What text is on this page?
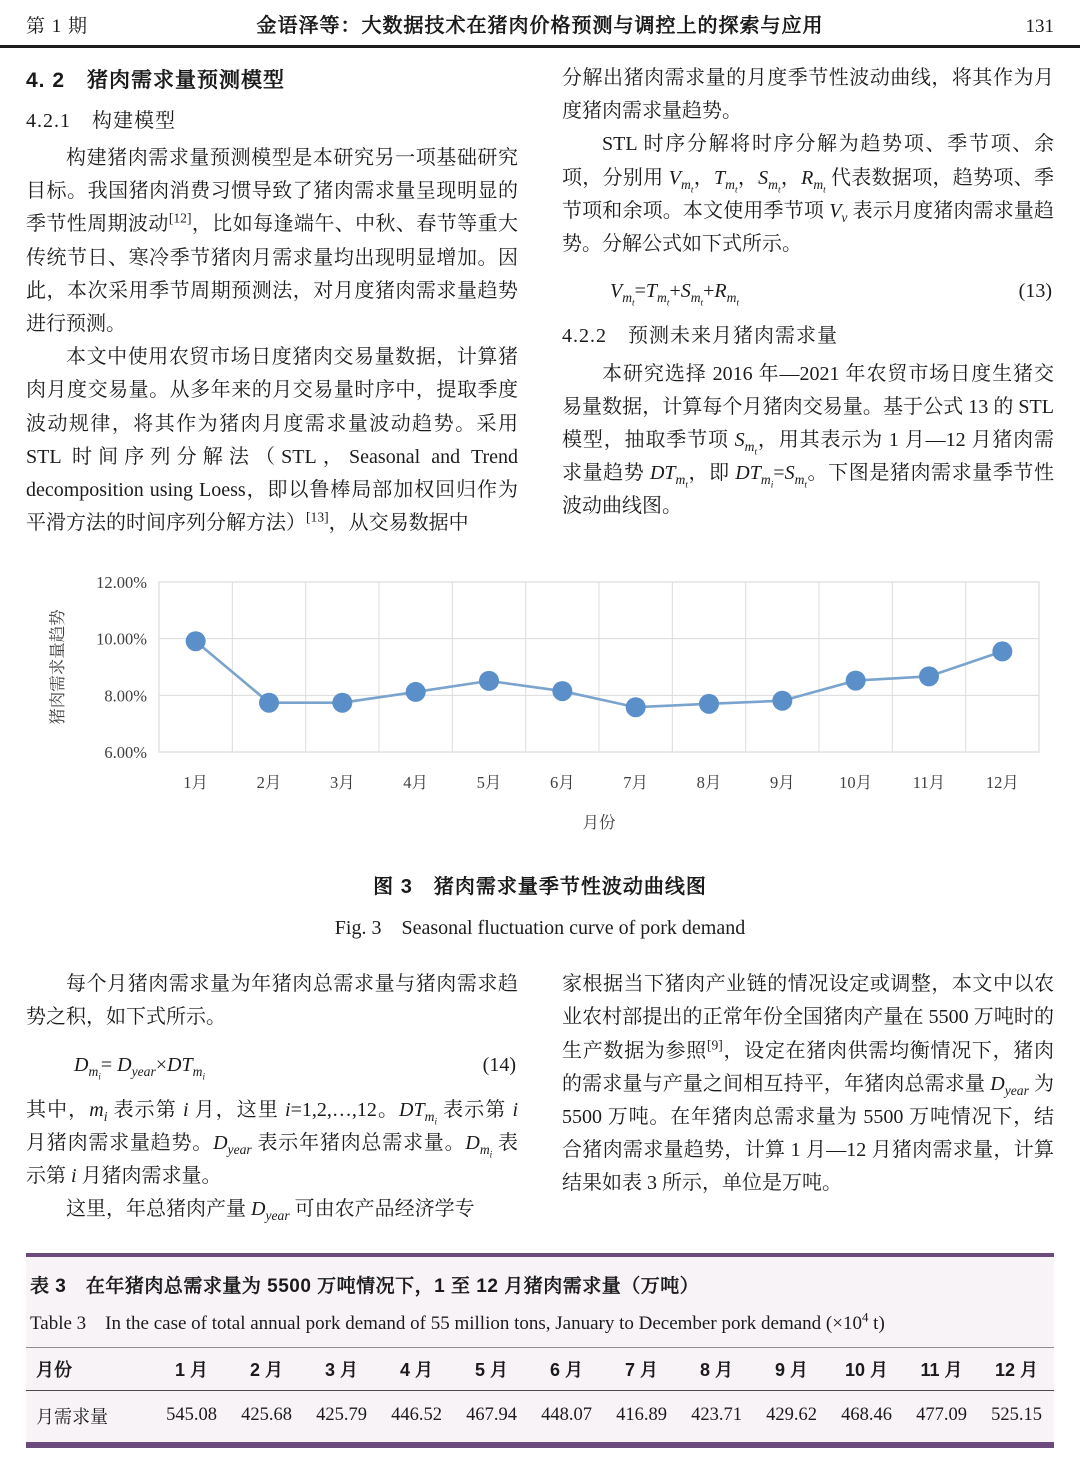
第 1 期	金语泽等：大数据技术在猪肉价格预测与调控上的探索与应用	131
4. 2　猪肉需求量预测模型
4.2.1　构建模型

构建猪肉需求量预测模型是本研究另一项基础研究目标。我国猪肉消费习惯导致了猪肉需求量呈现明显的季节性周期波动[12]，比如每逢端午、中秋、春节等重大传统节日、寒冷季节猪肉月需求量均出现明显增加。因此，本次采用季节周期预测法，对月度猪肉需求量趋势进行预测。

本文中使用农贸市场日度猪肉交易量数据，计算猪肉月度交易量。从多年来的月交易量时序中，提取季度波动规律，将其作为猪肉月度需求量波动趋势。采用 STL 时间序列分解法（STL，Seasonal and Trend decomposition using Loess，即以鲁棒局部加权回归作为平滑方法的时间序列分解方法）[13]，从交易数据中

分解出猪肉需求量的月度季节性波动曲线，将其作为月度猪肉需求量趋势。

STL 时序分解将时序分解为趋势项、季节项、余项，分别用 $V_{m_t}$，$T_{m_t}$，$S_{m_t}$，$R_{m_t}$ 代表数据项，趋势项、季节项和余项。本文使用季节项 $V_v$ 表示月度猪肉需求量趋势。分解公式如下式所示。

$V_{m_t}=T_{m_t}+S_{m_t}+R_{m_t}$
(13)
4.2.2　预测未来月猪肉需求量

本研究选择 2016 年—2021 年农贸市场日度生猪交易量数据，计算每个月猪肉交易量。基于公式 13 的 STL 模型，抽取季节项 $S_{m_t}$，用其表示为 1 月—12 月猪肉需求量趋势 $DT_{m_t}$，即 $DT_{m_i}=S_{m_t}$。下图是猪肉需求量季节性波动曲线图。

6.00%
8.00%
10.00%
12.00%
1月	2月	3月	4月	5月	6月	7月	8月	9月	10月 11月 12月
月份
猪肉需求量趋势
图 3　猪肉需求量季节性波动曲线图
Fig. 3　Seasonal fluctuation curve of pork demand

每个月猪肉需求量为年猪肉总需求量与猪肉需求趋势之积，如下式所示。

$D_{m_i}= D_{year}\times DT_{m_i}$
(14)

其中，$m_i$ 表示第 i 月，这里 i=1,2,…,12。$DT_{m_i}$ 表示第 i 月猪肉需求量趋势。$D_{year}$ 表示年猪肉总需求量。$D_{m_i}$ 表示第 i 月猪肉需求量。

这里，年总猪肉产量 $D_{year}$ 可由农产品经济学专

家根据当下猪肉产业链的情况设定或调整，本文中以农业农村部提出的正常年份全国猪肉产量在 5500 万吨时的生产数据为参照[9]，设定在猪肉供需均衡情况下，猪肉的需求量与产量之间相互持平，年猪肉总需求量 $D_{year}$ 为 5500 万吨。在年猪肉总需求量为 5500 万吨情况下，结合猪肉需求量趋势，计算 1 月—12 月猪肉需求量，计算结果如表 3 所示，单位是万吨。

表 3　在年猪肉总需求量为 5500 万吨情况下，1 至 12 月猪肉需求量（万吨）
Table 3　In the case of total annual pork demand of 55 million tons, January to December pork demand ($\times 10^4$ t)
月份	1 月	2 月	3 月	4 月	5 月	6 月	7 月	8 月	9 月	10 月	11 月	12 月
月需求量	545.08	425.68	425.79	446.52	467.94	448.07	416.89	423.71	429.62	468.46	477.09	525.15
